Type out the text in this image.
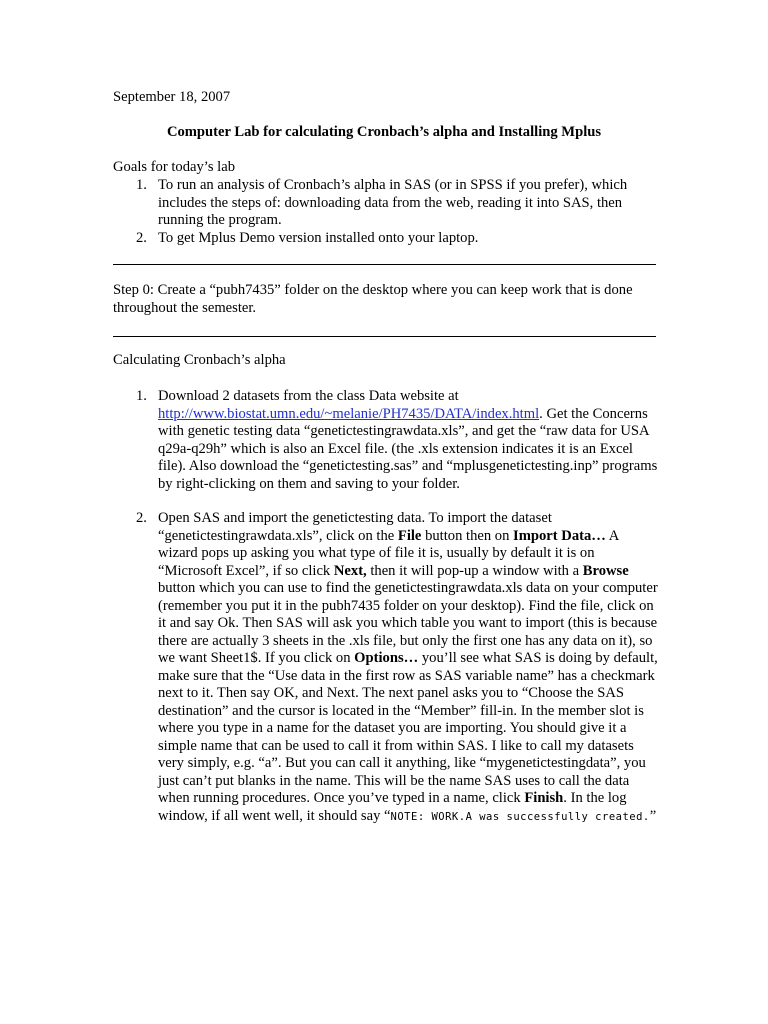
September 18, 2007
Computer Lab for calculating Cronbach’s alpha and Installing Mplus
Goals for today’s lab
1. To run an analysis of Cronbach’s alpha in SAS (or in SPSS if you prefer), which includes the steps of: downloading data from the web, reading it into SAS, then running the program.
2. To get Mplus Demo version installed onto your laptop.
Step 0: Create a “pubh7435” folder on the desktop where you can keep work that is done throughout the semester.
Calculating Cronbach’s alpha
1. Download 2 datasets from the class Data website at http://www.biostat.umn.edu/~melanie/PH7435/DATA/index.html. Get the Concerns with genetic testing data “genetictestingrawdata.xls”, and get the “raw data for USA q29a-q29h” which is also an Excel file. (the .xls extension indicates it is an Excel file). Also download the “genetictesting.sas” and “mplusgenetictesting.inp” programs by right-clicking on them and saving to your folder.
2. Open SAS and import the genetictesting data. To import the dataset “genetictestingrawdata.xls”, click on the File button then on Import Data… A wizard pops up asking you what type of file it is, usually by default it is on “Microsoft Excel”, if so click Next, then it will pop-up a window with a Browse button which you can use to find the genetictestingrawdata.xls data on your computer (remember you put it in the pubh7435 folder on your desktop). Find the file, click on it and say Ok. Then SAS will ask you which table you want to import (this is because there are actually 3 sheets in the .xls file, but only the first one has any data on it), so we want Sheet1$. If you click on Options… you’ll see what SAS is doing by default, make sure that the “Use data in the first row as SAS variable name” has a checkmark next to it. Then say OK, and Next. The next panel asks you to “Choose the SAS destination” and the cursor is located in the “Member” fill-in. In the member slot is where you type in a name for the dataset you are importing. You should give it a simple name that can be used to call it from within SAS. I like to call my datasets very simply, e.g. “a”. But you can call it anything, like “mygenetictestingdata”, you just can’t put blanks in the name. This will be the name SAS uses to call the data when running procedures. Once you’ve typed in a name, click Finish. In the log window, if all went well, it should say “NOTE: WORK.A was successfully created.”
